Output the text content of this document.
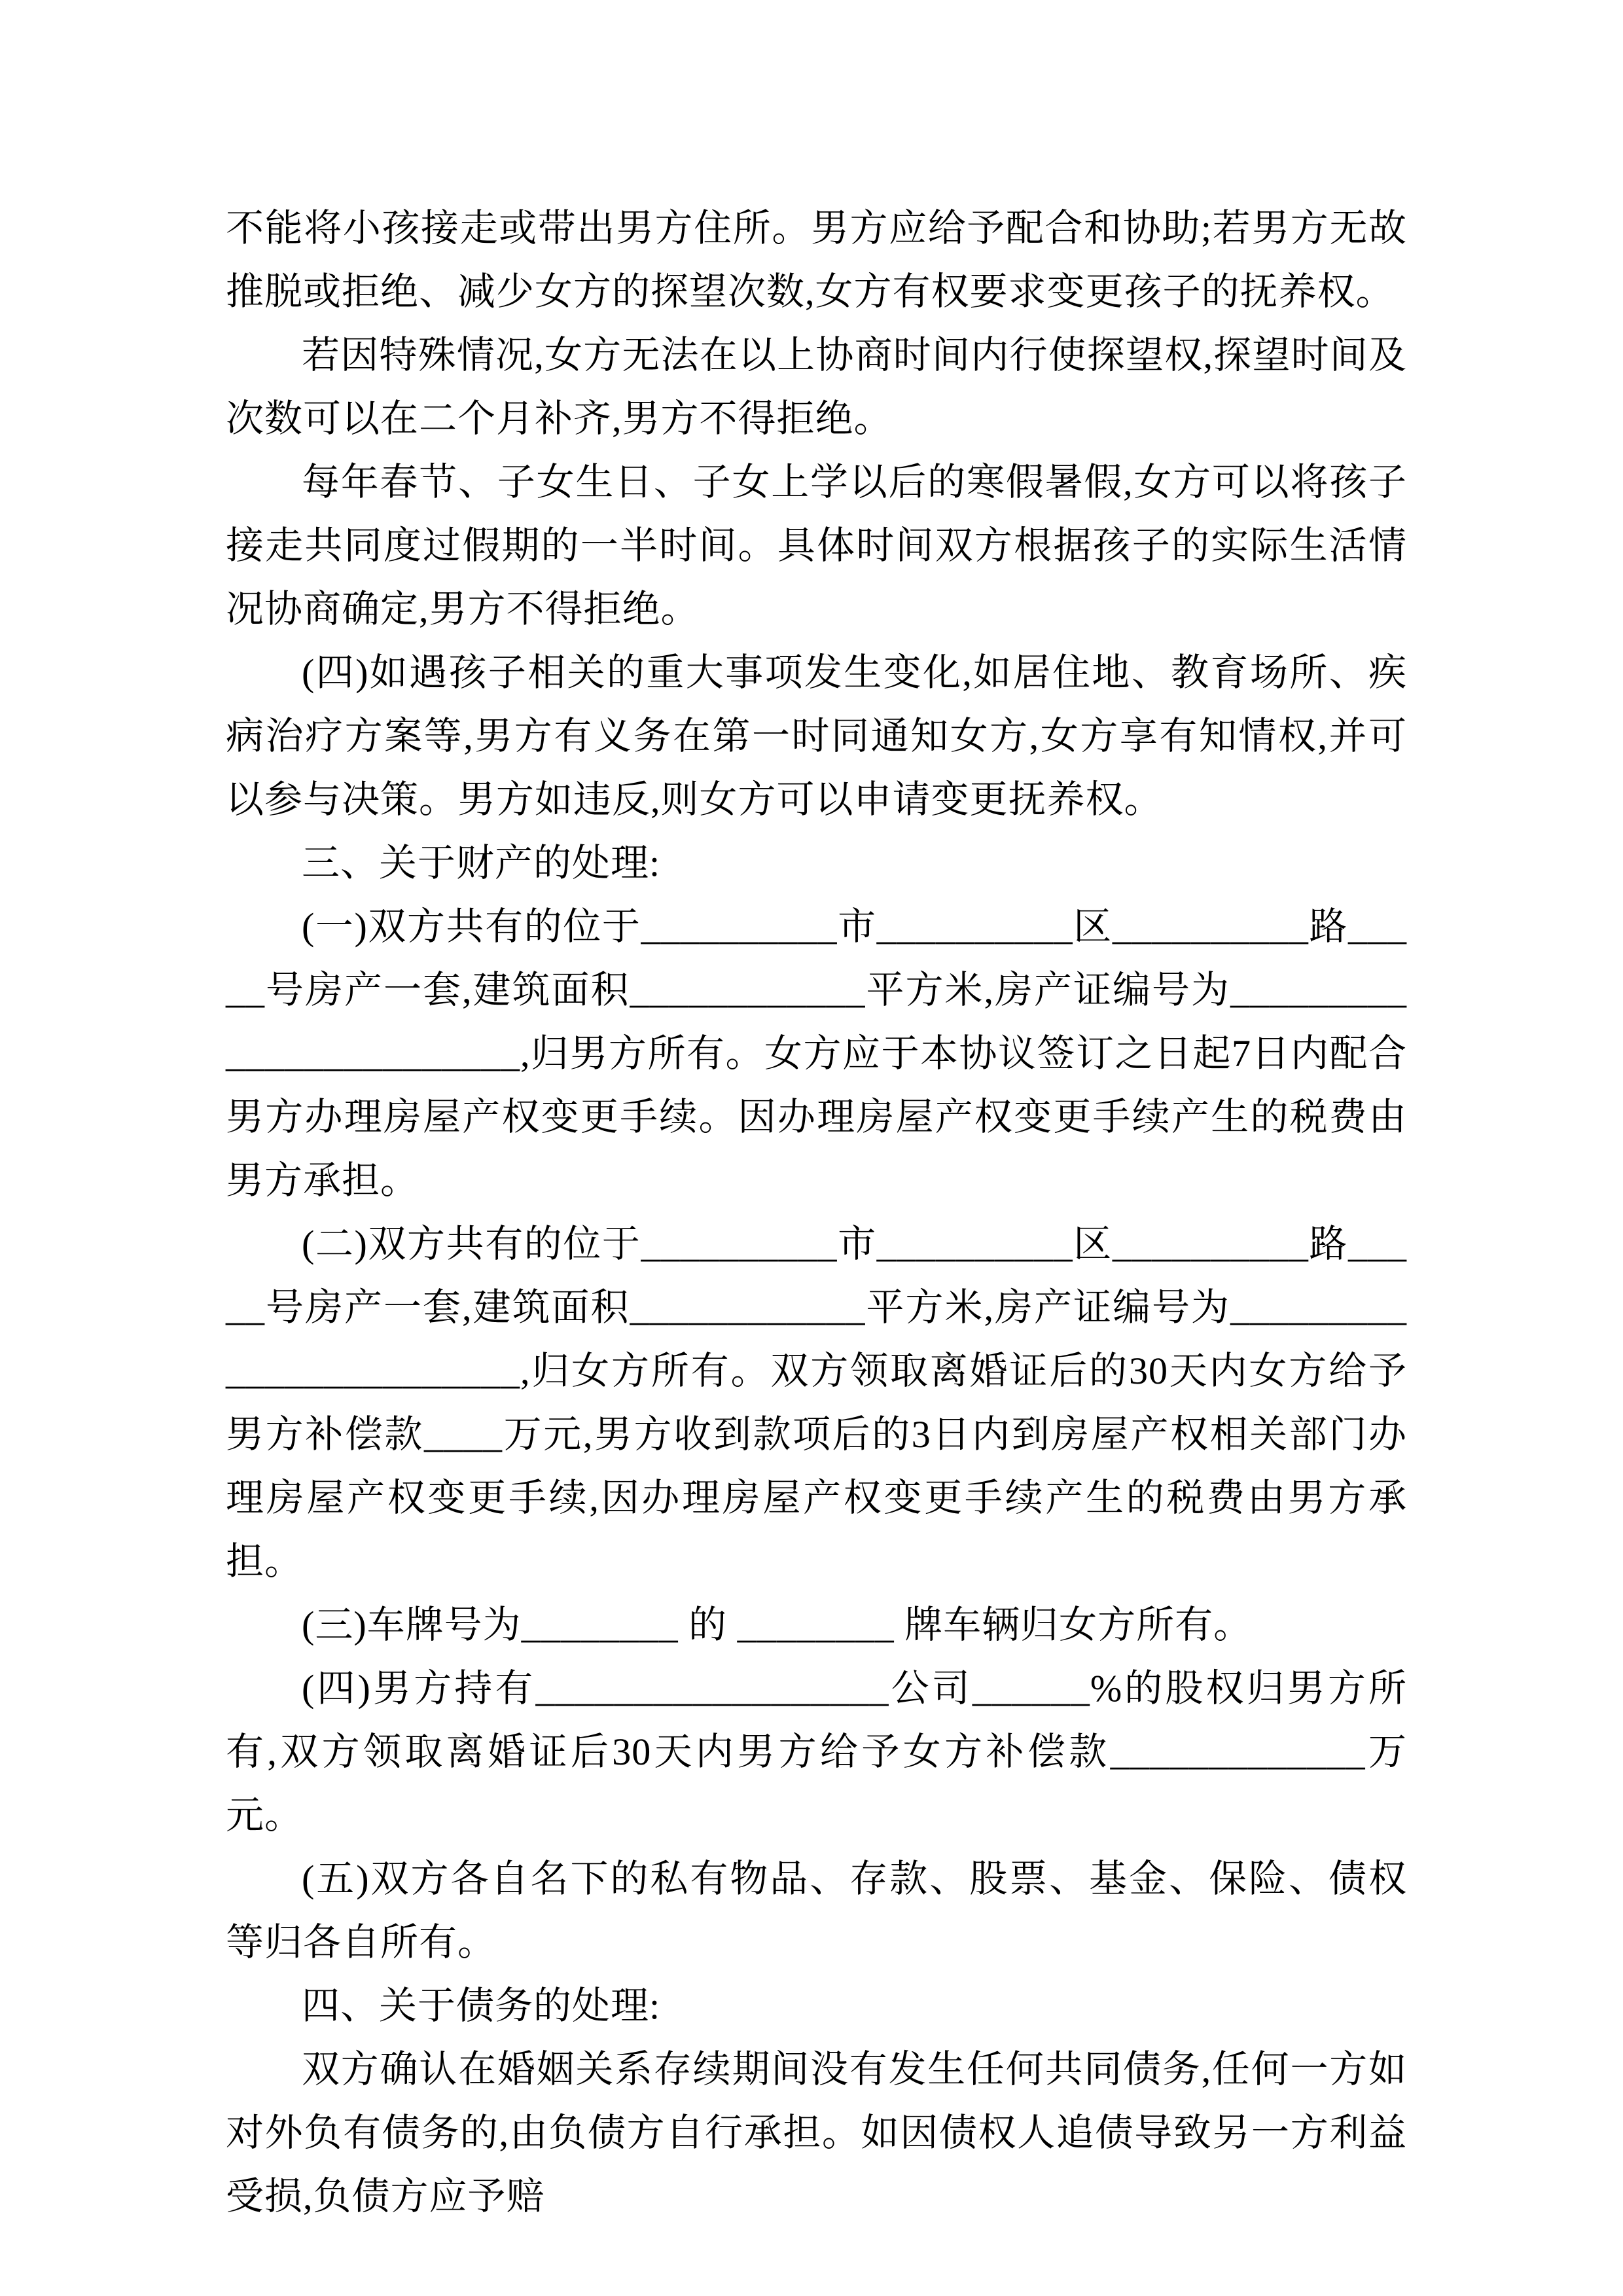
不能将小孩接走或带出男方住所。男方应给予配合和协助;若男方无故推脱或拒绝、减少女方的探望次数,女方有权要求变更孩子的抚养权。

若因特殊情况,女方无法在以上协商时间内行使探望权,探望时间及次数可以在二个月补齐,男方不得拒绝。

每年春节、子女生日、子女上学以后的寒假暑假,女方可以将孩子接走共同度过假期的一半时间。具体时间双方根据孩子的实际生活情况协商确定,男方不得拒绝。

(四)如遇孩子相关的重大事项发生变化,如居住地、教育场所、疾病治疗方案等,男方有义务在第一时同通知女方,女方享有知情权,并可以参与决策。男方如违反,则女方可以申请变更抚养权。

三、关于财产的处理:

(一)双方共有的位于__________市__________区__________路_____号房产一套,建筑面积____________平方米,房产证编号为________________________,归男方所有。女方应于本协议签订之日起7日内配合男方办理房屋产权变更手续。因办理房屋产权变更手续产生的税费由男方承担。

(二)双方共有的位于__________市__________区__________路_____号房产一套,建筑面积____________平方米,房产证编号为________________________,归女方所有。双方领取离婚证后的30天内女方给予男方补偿款____万元,男方收到款项后的3日内到房屋产权相关部门办理房屋产权变更手续,因办理房屋产权变更手续产生的税费由男方承担。

(三)车牌号为________ 的 ________ 牌车辆归女方所有。

(四)男方持有__________________公司______%的股权归男方所有,双方领取离婚证后30天内男方给予女方补偿款_____________万元。

(五)双方各自名下的私有物品、存款、股票、基金、保险、债权等归各自所有。

四、关于债务的处理:

双方确认在婚姻关系存续期间没有发生任何共同债务,任何一方如对外负有债务的,由负债方自行承担。如因债权人追债导致另一方利益受损,负债方应予赔
